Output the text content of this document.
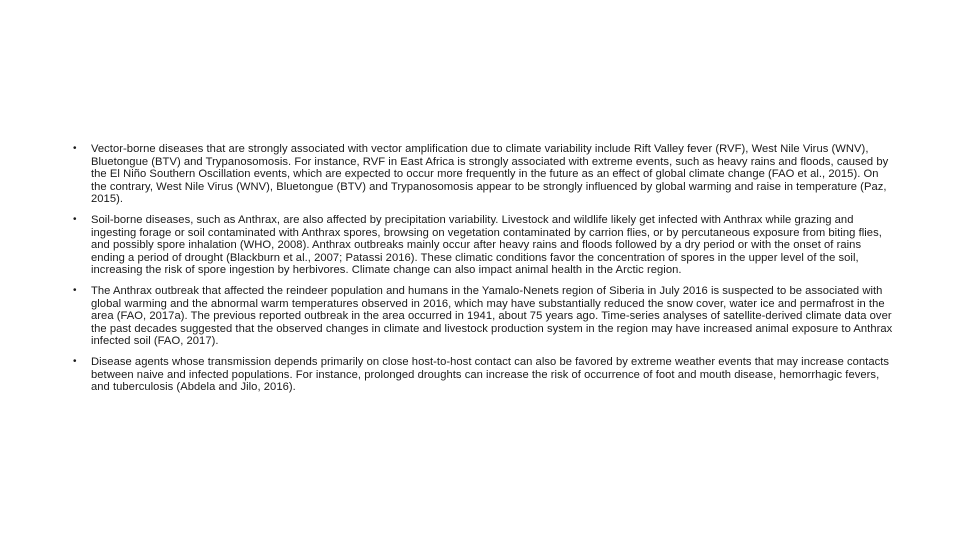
• Vector-borne diseases that are strongly associated with vector amplification due to climate variability include Rift Valley fever (RVF), West Nile Virus (WNV), Bluetongue (BTV) and Trypanosomosis. For instance, RVF in East Africa is strongly associated with extreme events, such as heavy rains and floods, caused by the El Niño Southern Oscillation events, which are expected to occur more frequently in the future as an effect of global climate change (FAO et al., 2015). On the contrary, West Nile Virus (WNV), Bluetongue (BTV) and Trypanosomosis appear to be strongly influenced by global warming and raise in temperature (Paz, 2015).
• Soil-borne diseases, such as Anthrax, are also affected by precipitation variability. Livestock and wildlife likely get infected with Anthrax while grazing and ingesting forage or soil contaminated with Anthrax spores, browsing on vegetation contaminated by carrion flies, or by percutaneous exposure from biting flies, and possibly spore inhalation (WHO, 2008). Anthrax outbreaks mainly occur after heavy rains and floods followed by a dry period or with the onset of rains ending a period of drought (Blackburn et al., 2007; Patassi 2016). These climatic conditions favor the concentration of spores in the upper level of the soil, increasing the risk of spore ingestion by herbivores. Climate change can also impact animal health in the Arctic region.
• The Anthrax outbreak that affected the reindeer population and humans in the Yamalo-Nenets region of Siberia in July 2016 is suspected to be associated with global warming and the abnormal warm temperatures observed in 2016, which may have substantially reduced the snow cover, water ice and permafrost in the area (FAO, 2017a). The previous reported outbreak in the area occurred in 1941, about 75 years ago. Time-series analyses of satellite-derived climate data over the past decades suggested that the observed changes in climate and livestock production system in the region may have increased animal exposure to Anthrax infected soil (FAO, 2017).
• Disease agents whose transmission depends primarily on close host-to-host contact can also be favored by extreme weather events that may increase contacts between naive and infected populations. For instance, prolonged droughts can increase the risk of occurrence of foot and mouth disease, hemorrhagic fevers, and tuberculosis (Abdela and Jilo, 2016).
